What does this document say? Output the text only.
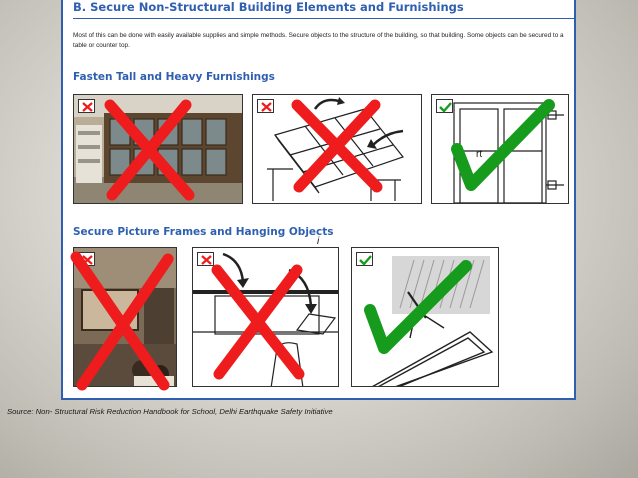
B. Secure Non-Structural Building Elements and Furnishings

Most of this can be done with easily available supplies and simple methods. Secure objects to the structure of the building, so that building. Some objects can be secured to a table or counter top.

Fasten Tall and Heavy Furnishings
rt
Secure Picture Frames and Hanging Objects
i

Source: Non- Structural Risk Reduction Handbook for School, Delhi Earthquake Safety Initiative
